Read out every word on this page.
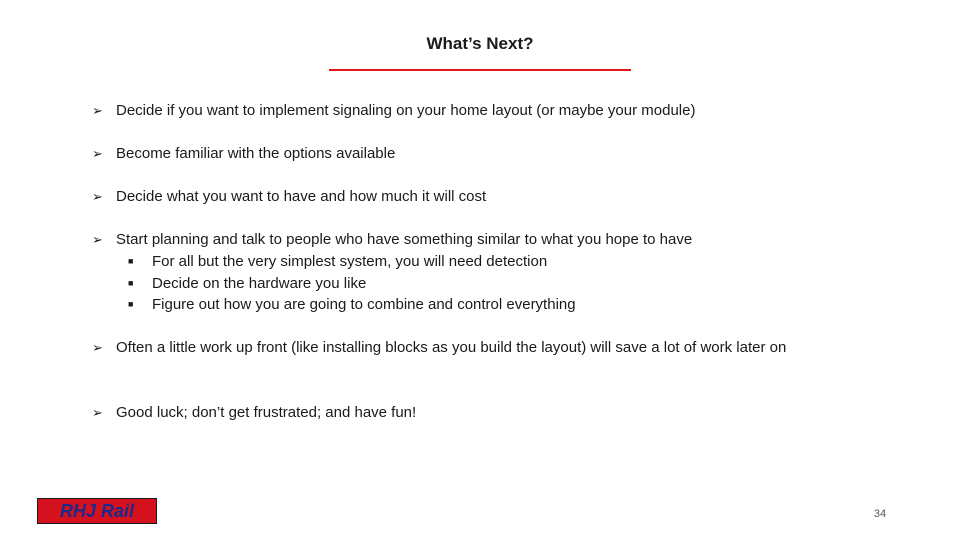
What’s Next?
➢ Decide if you want to implement signaling on your home layout (or maybe your module)
➢ Become familiar with the options available
➢ Decide what you want to have and how much it will cost
➢ Start planning and talk to people who have something similar to what you hope to have
■	For all but the very simplest system, you will need detection
■	Decide on the hardware you like
■	Figure out how you are going to combine and control everything
➢ Often a little work up front (like installing blocks as you build the layout) will save a lot of work later on
➢ Good luck; don’t get frustrated; and have fun!
RHJ Rail	34
